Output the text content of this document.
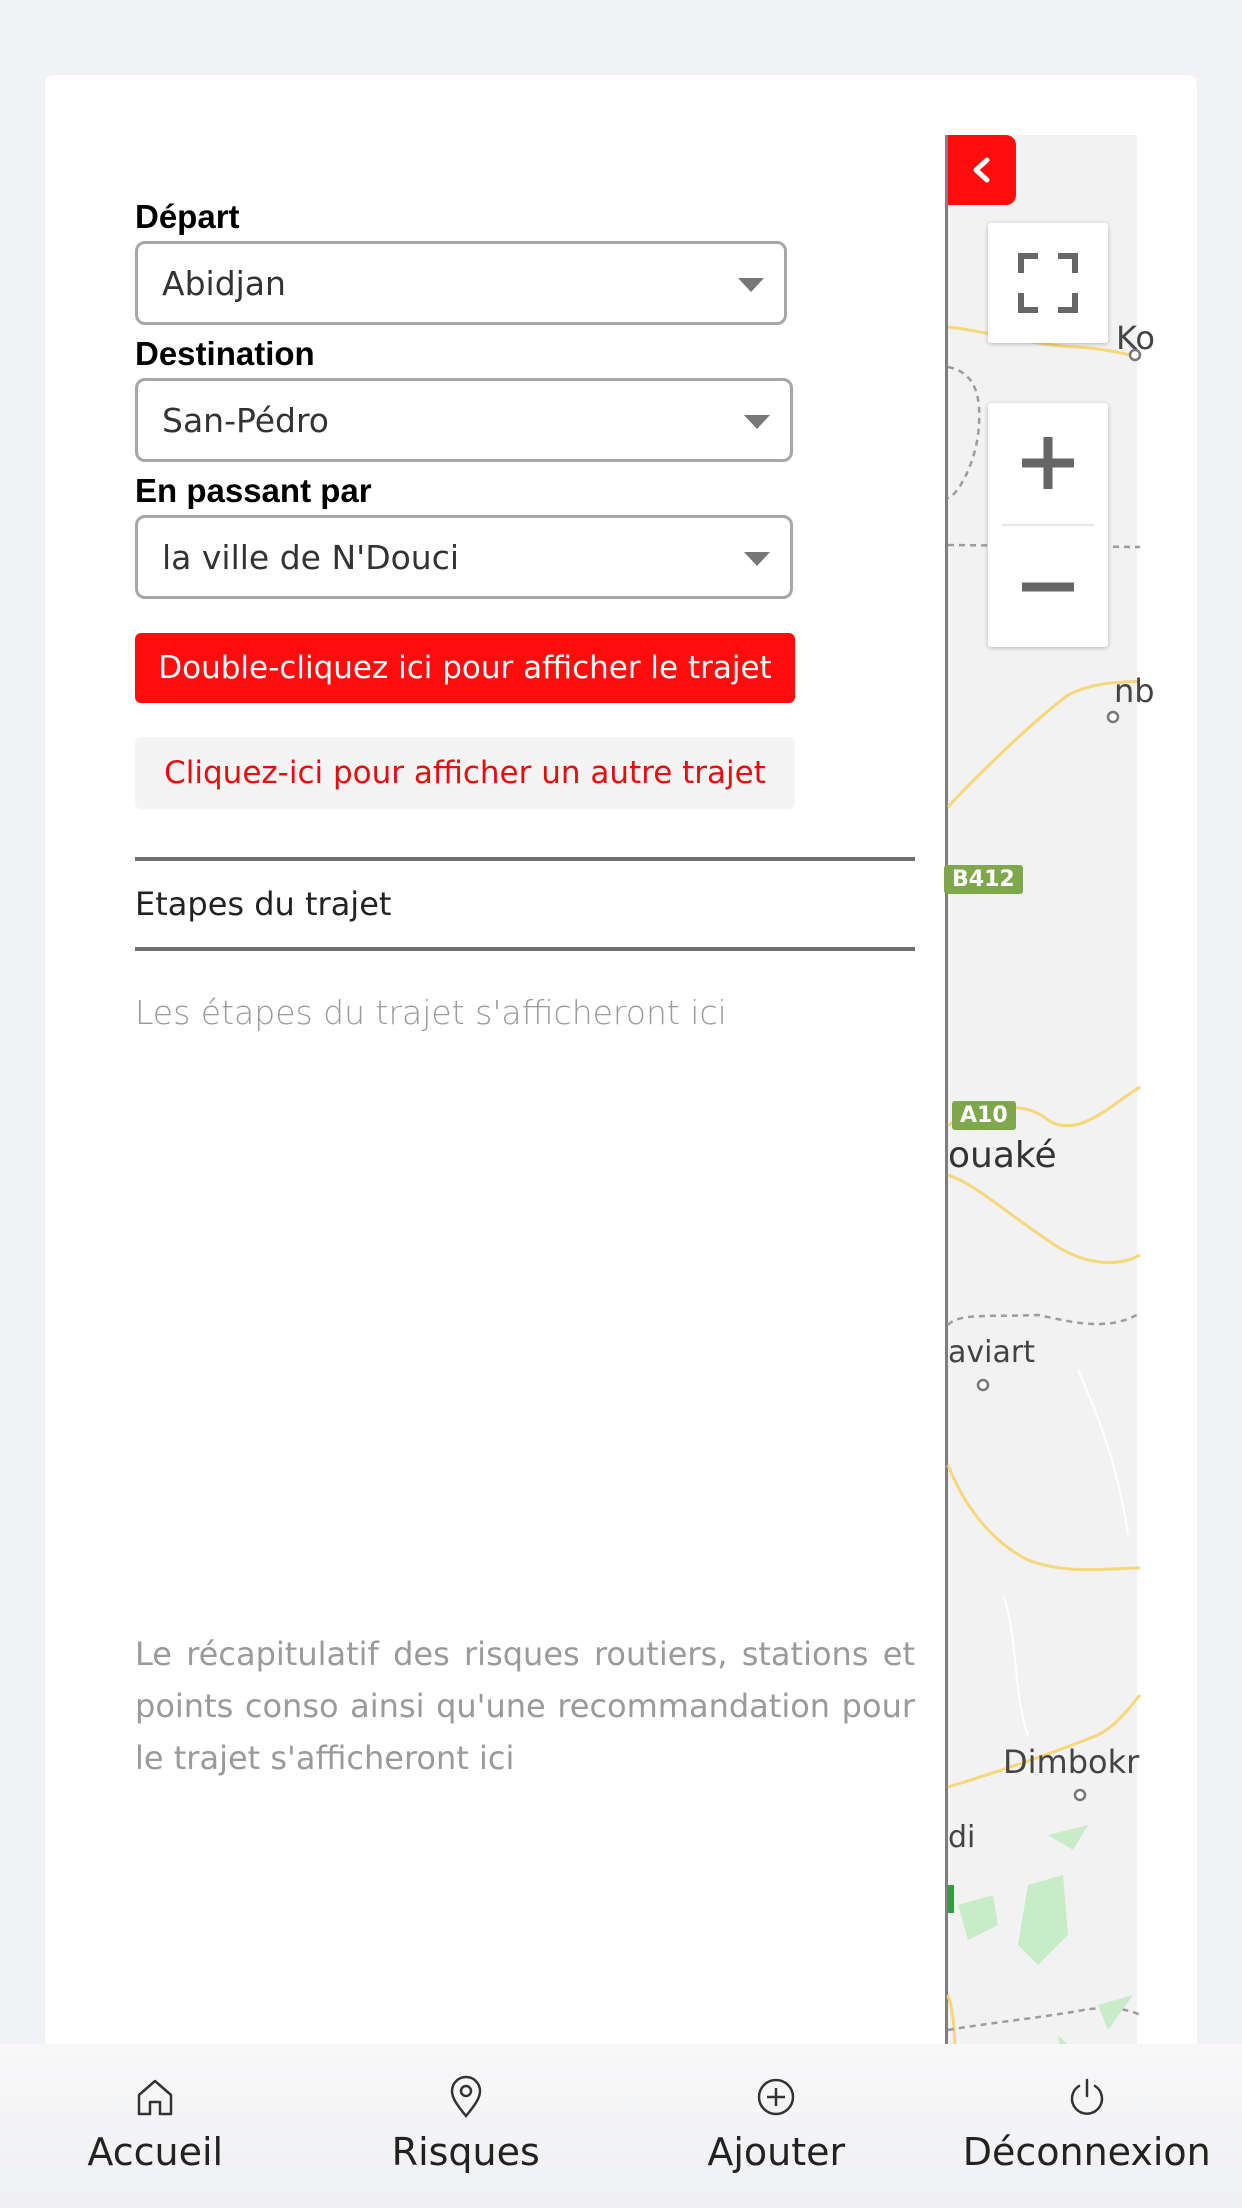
Départ
Abidjan
Destination
San-Pédro
En passant par
la ville de N'Douci
Double-cliquez ici pour afficher le trajet Cliquez-ici pour afficher un autre trajet
Etapes du trajet
Les étapes du trajet s'afficheront ici
Le récapitulatif des risques routiers, stations et points conso ainsi qu'une recommandation pour le trajet s'afficheront ici
Ko
nb
B412
A10
ouaké
aviart
Dimbokr
di
Accueil	Risques	Ajouter	Déconnexion
